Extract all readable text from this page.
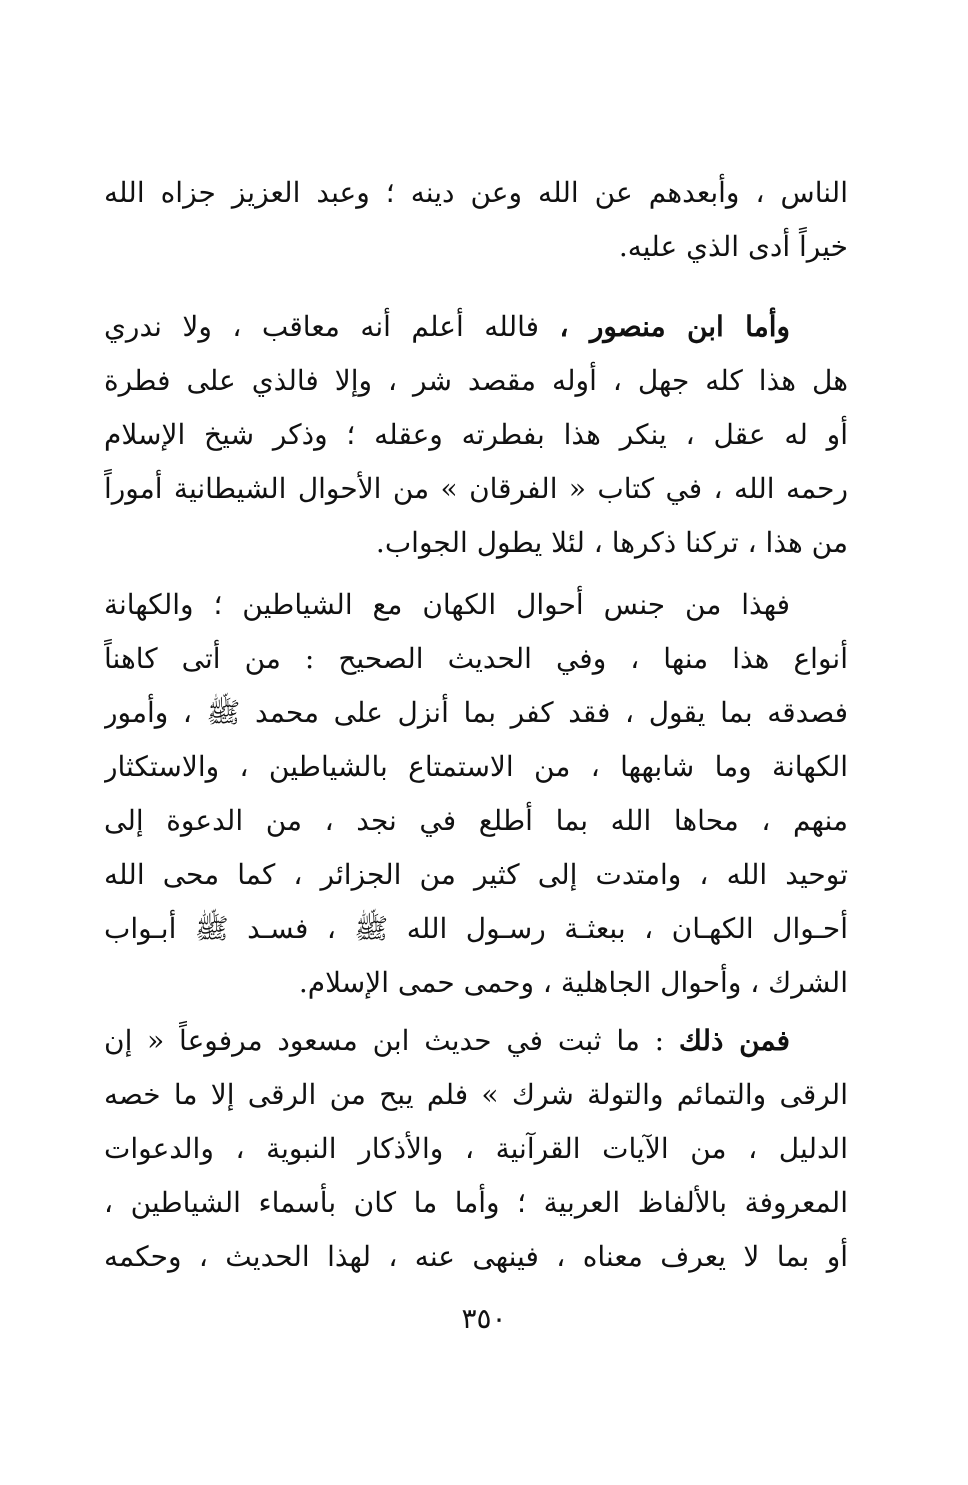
الناس ، وأبعدهم عن الله وعن دينه ؛ وعبد العزيز جزاه الله
خيراً أدى الذي عليه.
وأما ابن منصور ، فالله أعلم أنه معاقب ، ولا ندري
هل هذا كله جهل ، أوله مقصد شر ، وإلا فالذي على فطرة
أو له عقل ، ينكر هذا بفطرته وعقله ؛ وذكر شيخ الإسلام
رحمه الله ، في كتاب « الفرقان » من الأحوال الشيطانية أموراً
من هذا ، تركنا ذكرها ، لئلا يطول الجواب.
فهذا من جنس أحوال الكهان مع الشياطين ؛ والكهانة
أنواع هذا منها ، وفي الحديث الصحيح : من أتى كاهناً
فصدقه بما يقول ، فقد كفر بما أنزل على محمد ﷺ ، وأمور
الكهانة وما شابهها ، من الاستمتاع بالشياطين ، والاستكثار
منهم ، محاها الله بما أطلع في نجد ، من الدعوة إلى
توحيد الله ، وامتدت إلى كثير من الجزائر ، كما محى الله
أحـوال الكهـان ، ببعثـة رسـول الله ﷺ ، فسـد ﷺ أبـواب
الشرك ، وأحوال الجاهلية ، وحمى حمى الإسلام.
فمن ذلك : ما ثبت في حديث ابن مسعود مرفوعاً « إن
الرقى والتمائم والتولة شرك » فلم يبح من الرقى إلا ما خصه
الدليل ، من الآيات القرآنية ، والأذكار النبوية ، والدعوات
المعروفة بالألفاظ العربية ؛ وأما ما كان بأسماء الشياطين ،
أو بما لا يعرف معناه ، فينهى عنه ، لهذا الحديث ، وحكمه
٣٥٠
